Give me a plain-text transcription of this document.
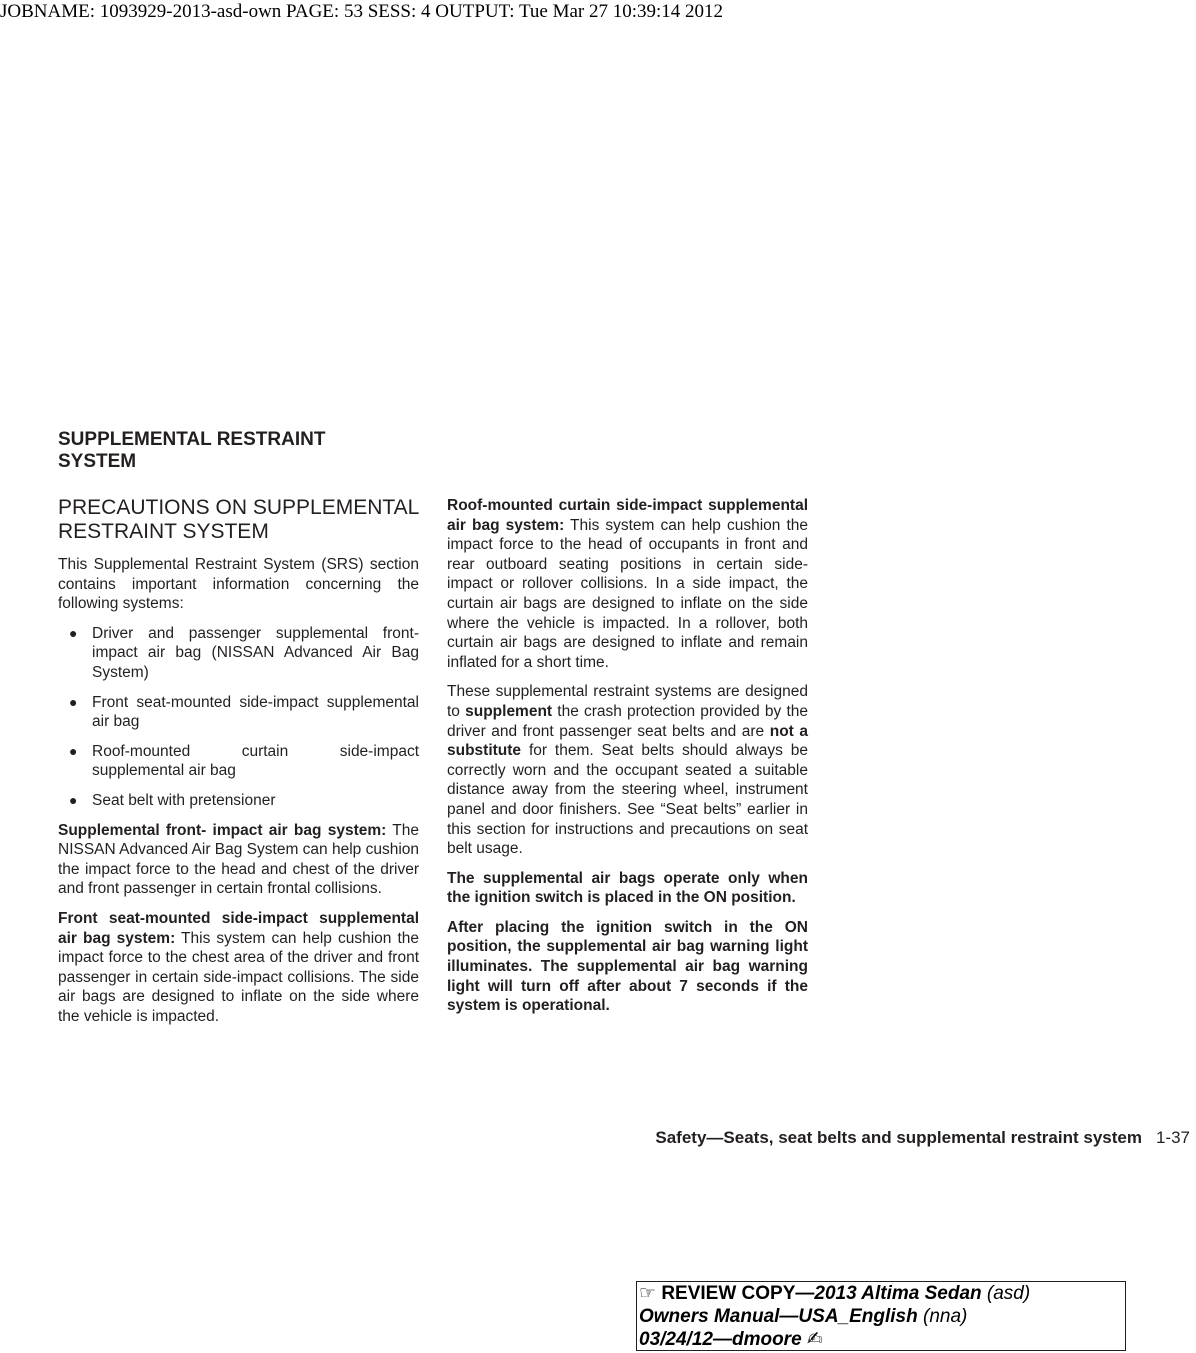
JOBNAME: 1093929-2013-asd-own PAGE: 53 SESS: 4 OUTPUT: Tue Mar 27 10:39:14 2012
SUPPLEMENTAL RESTRAINT SYSTEM
PRECAUTIONS ON SUPPLEMENTAL RESTRAINT SYSTEM

This Supplemental Restraint System (SRS) section contains important information concerning the following systems:

● Driver and passenger supplemental front-impact air bag (NISSAN Advanced Air Bag System)
● Front seat-mounted side-impact supplemental air bag
● Roof-mounted curtain side-impact supplemental air bag
● Seat belt with pretensioner

Supplemental front- impact air bag system: The NISSAN Advanced Air Bag System can help cushion the impact force to the head and chest of the driver and front passenger in certain frontal collisions.

Front seat-mounted side-impact supplemental air bag system: This system can help cushion the impact force to the chest area of the driver and front passenger in certain side-impact collisions. The side air bags are designed to inflate on the side where the vehicle is impacted.

Roof-mounted curtain side-impact supplemental air bag system: This system can help cushion the impact force to the head of occupants in front and rear outboard seating positions in certain side-impact or rollover collisions. In a side impact, the curtain air bags are designed to inflate on the side where the vehicle is impacted. In a rollover, both curtain air bags are designed to inflate and remain inflated for a short time.

These supplemental restraint systems are designed to supplement the crash protection provided by the driver and front passenger seat belts and are not a substitute for them. Seat belts should always be correctly worn and the occupant seated a suitable distance away from the steering wheel, instrument panel and door finishers. See “Seat belts” earlier in this section for instructions and precautions on seat belt usage.

The supplemental air bags operate only when the ignition switch is placed in the ON position.

After placing the ignition switch in the ON position, the supplemental air bag warning light illuminates. The supplemental air bag warning light will turn off after about 7 seconds if the system is operational.

Safety—Seats, seat belts and supplemental restraint system 1-37
☞ REVIEW COPY—2013 Altima Sedan (asd)
Owners Manual—USA_English (nna)
03/24/12—dmoore ✍
